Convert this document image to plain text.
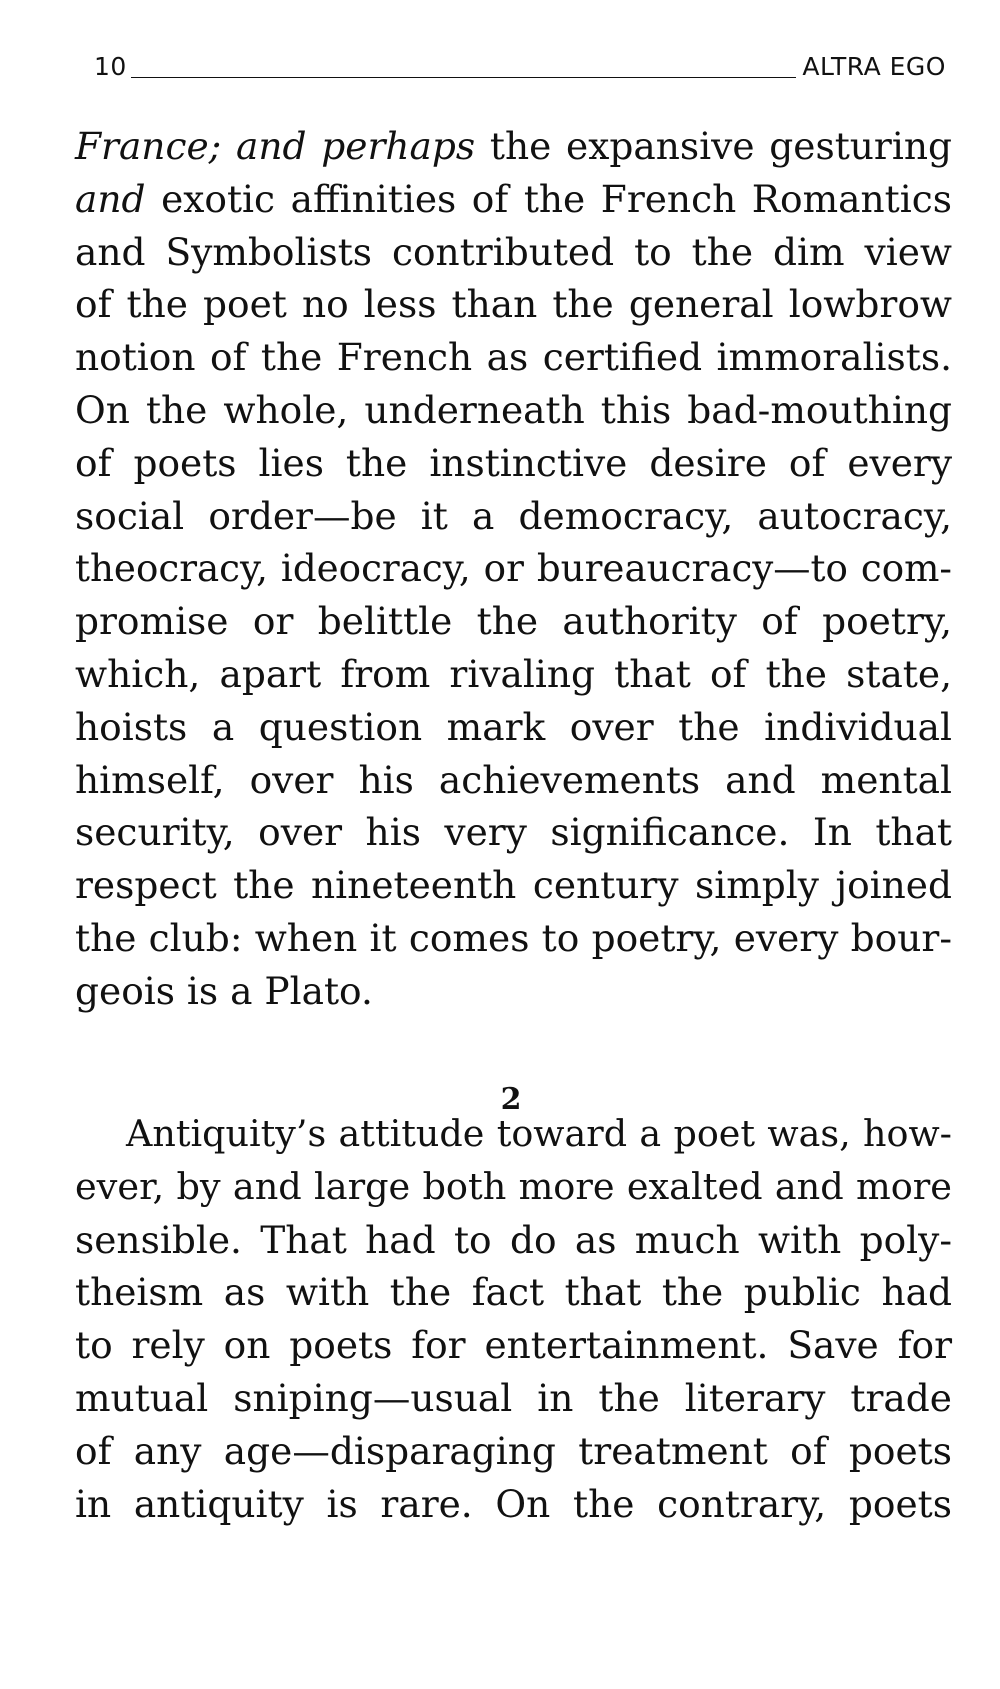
10	ALTRA EGO
France; and perhaps the expansive gesturing
and exotic affinities of the French Romantics
and Symbolists contributed to the dim view
of the poet no less than the general lowbrow
notion of the French as certified immoralists.
On the whole, underneath this bad-mouthing
of poets lies the instinctive desire of every
social order—be it a democracy, autocracy,
theocracy, ideocracy, or bureaucracy—to com-
promise or belittle the authority of poetry,
which, apart from rivaling that of the state,
hoists a question mark over the individual
himself, over his achievements and mental
security, over his very significance. In that
respect the nineteenth century simply joined
the club: when it comes to poetry, every bour-
geois is a Plato.
2
Antiquity’s attitude toward a poet was, how-
ever, by and large both more exalted and more
sensible. That had to do as much with poly-
theism as with the fact that the public had
to rely on poets for entertainment. Save for
mutual sniping—usual in the literary trade
of any age—disparaging treatment of poets
in antiquity is rare. On the contrary, poets
